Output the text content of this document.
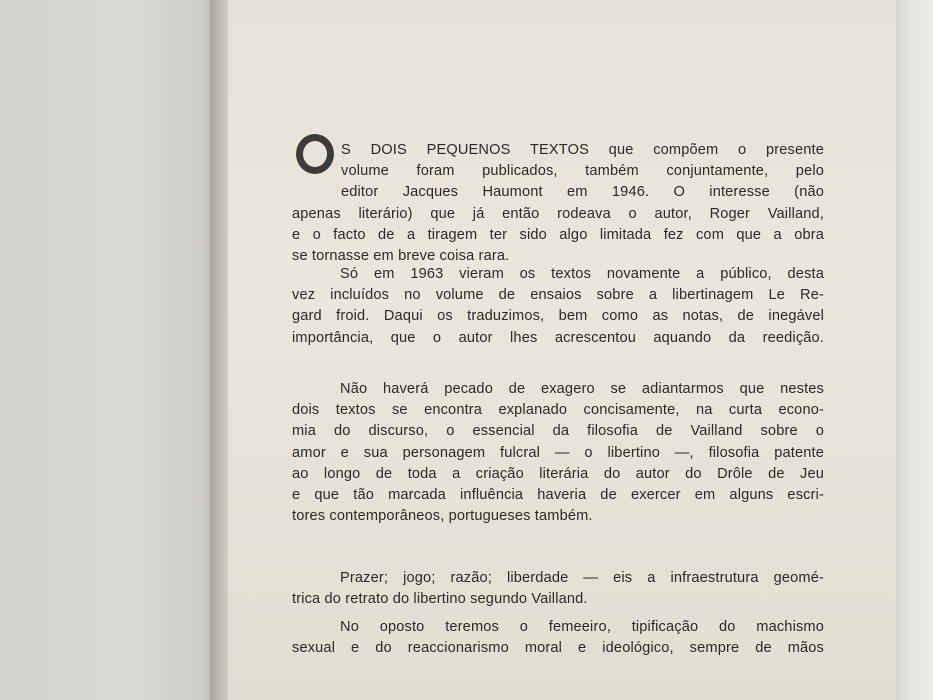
S DOIS PEQUENOS TEXTOS que compõem o presente
volume foram publicados, também conjuntamente, pelo
editor Jacques Haumont em 1946. O interesse (não
apenas literário) que já então rodeava o autor, Roger Vailland,
e o facto de a tiragem ter sido algo limitada fez com que a obra
se tornasse em breve coisa rara.
Só em 1963 vieram os textos novamente a público, desta
vez incluídos no volume de ensaios sobre a libertinagem Le Re-
gard froid. Daqui os traduzimos, bem como as notas, de inegável
importância, que o autor lhes acrescentou aquando da reedição.
Não haverá pecado de exagero se adiantarmos que nestes
dois textos se encontra explanado concisamente, na curta econo-
mia do discurso, o essencial da filosofia de Vailland sobre o
amor e sua personagem fulcral — o libertino —, filosofia patente
ao longo de toda a criação literária do autor do Drôle de Jeu
e que tão marcada influência haveria de exercer em alguns escri-
tores contemporâneos, portugueses também.
Prazer; jogo; razão; liberdade — eis a infraestrutura geomé-
trica do retrato do libertino segundo Vailland.
No oposto teremos o femeeiro, tipificação do machismo
sexual e do reaccionarismo moral e ideológico, sempre de mãos
